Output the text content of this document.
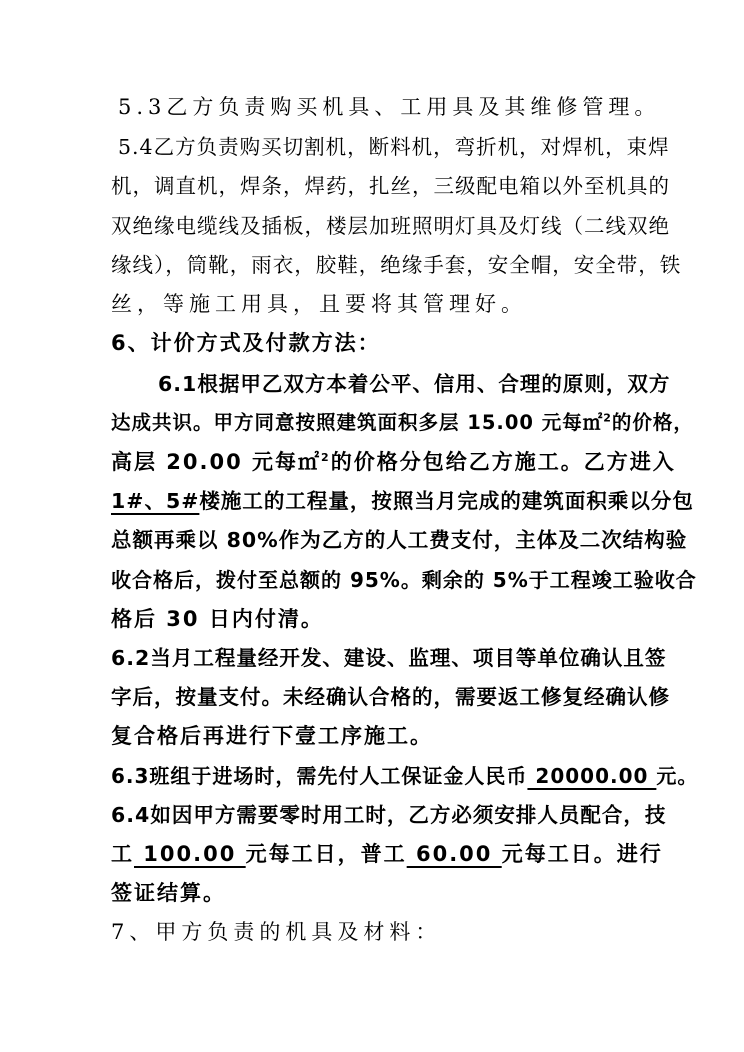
5.3乙方负责购买机具、工用具及其维修管理。
5.4乙方负责购买切割机，断料机，弯折机，对焊机，束焊
机，调直机，焊条，焊药，扎丝，三级配电箱以外至机具的
双绝缘电缆线及插板，楼层加班照明灯具及灯线（二线双绝
缘线），筒靴，雨衣，胶鞋，绝缘手套，安全帽，安全带，铁
丝，等施工用具，且要将其管理好。
6、计价方式及付款方法：
6.1根据甲乙双方本着公平、信用、合理的原则，双方
达成共识。甲方同意按照建筑面积多层 15.00 元每㎡$^2$的价格，
高层 20.00 元每㎡$^2$的价格分包给乙方施工。乙方进入
1#、5#楼施工的工程量，按照当月完成的建筑面积乘以分包
总额再乘以 80%作为乙方的人工费支付，主体及二次结构验
收合格后，拨付至总额的 95%。剩余的 5%于工程竣工验收合
格后 30 日内付清。
6.2当月工程量经开发、建设、监理、项目等单位确认且签
字后，按量支付。未经确认合格的，需要返工修复经确认修
复合格后再进行下壹工序施工。
6.3班组于进场时，需先付人工保证金人民币 20000.00 元。
6.4如因甲方需要零时用工时，乙方必须安排人员配合，技
工 100.00 元每工日，普工 60.00 元每工日。进行
签证结算。
7、甲方负责的机具及材料：
